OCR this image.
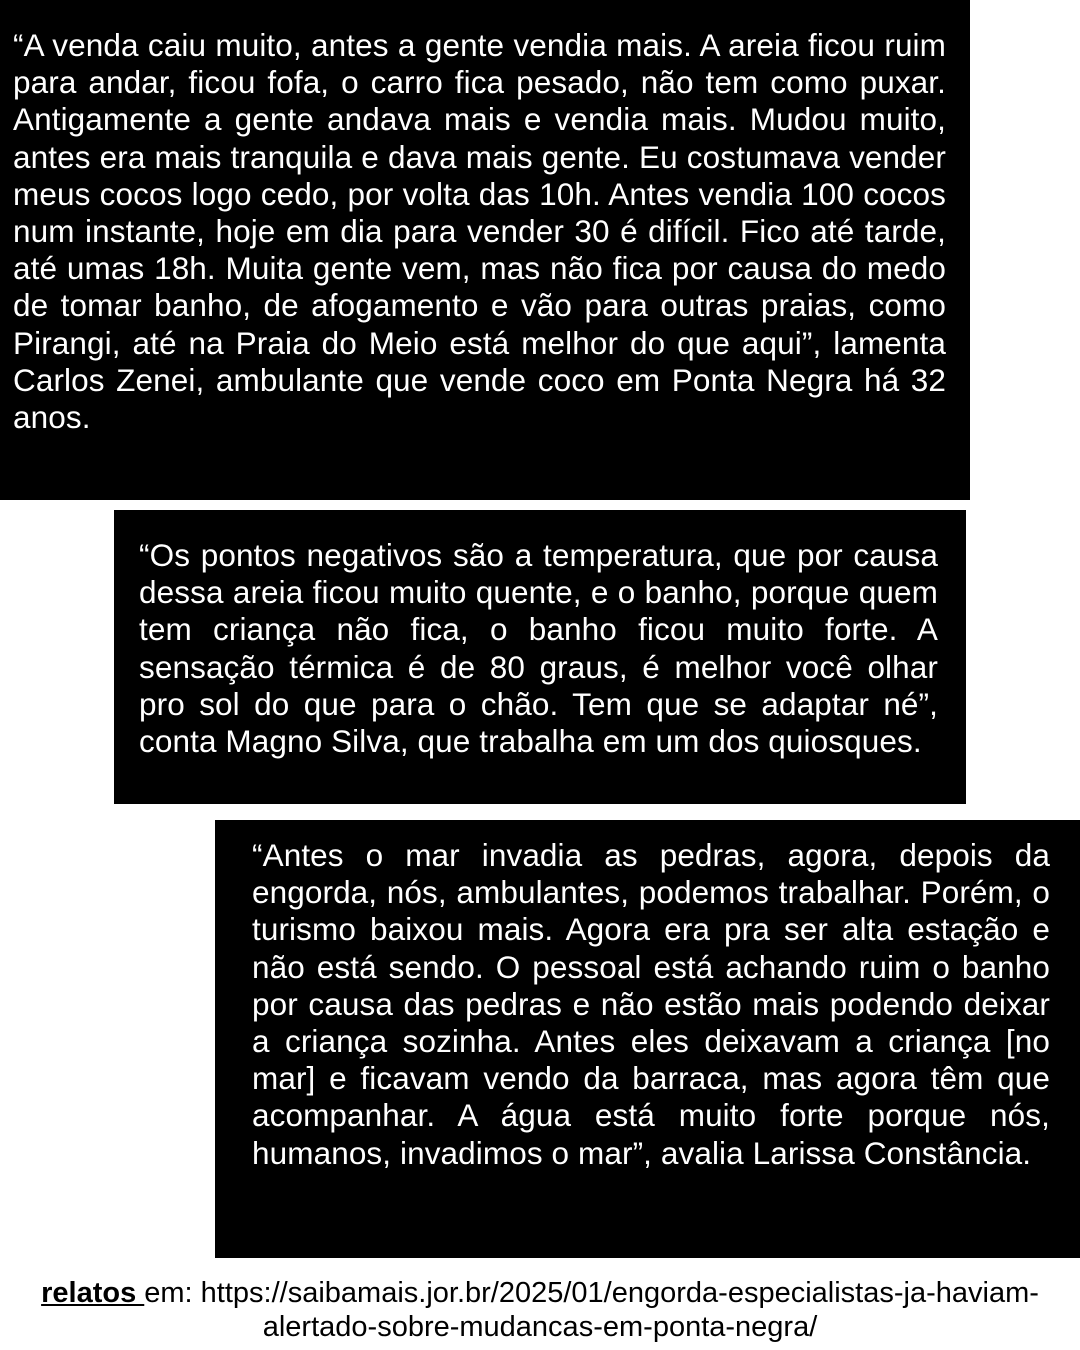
“A venda caiu muito, antes a gente vendia mais. A areia ficou ruim para andar, ficou fofa, o carro fica pesado, não tem como puxar. Antigamente a gente andava mais e vendia mais. Mudou muito, antes era mais tranquila e dava mais gente. Eu costumava vender meus cocos logo cedo, por volta das 10h. Antes vendia 100 cocos num instante, hoje em dia para vender 30 é difícil. Fico até tarde, até umas 18h. Muita gente vem, mas não fica por causa do medo de tomar banho, de afogamento e vão para outras praias, como Pirangi, até na Praia do Meio está melhor do que aqui”, lamenta Carlos Zenei, ambulante que vende coco em Ponta Negra há 32 anos.

“Os pontos negativos são a temperatura, que por causa dessa areia ficou muito quente, e o banho, porque quem tem criança não fica, o banho ficou muito forte. A sensação térmica é de 80 graus, é melhor você olhar pro sol do que para o chão. Tem que se adaptar né”, conta Magno Silva, que trabalha em um dos quiosques.

“Antes o mar invadia as pedras, agora, depois da engorda, nós, ambulantes, podemos trabalhar. Porém, o turismo baixou mais. Agora era pra ser alta estação e não está sendo. O pessoal está achando ruim o banho por causa das pedras e não estão mais podendo deixar a criança sozinha. Antes eles deixavam a criança [no mar] e ficavam vendo da barraca, mas agora têm que acompanhar. A água está muito forte porque nós, humanos, invadimos o mar”, avalia Larissa Constância.

relatos em: https://saibamais.jor.br/2025/01/engorda-especialistas-ja-haviam-alertado-sobre-mudancas-em-ponta-negra/
